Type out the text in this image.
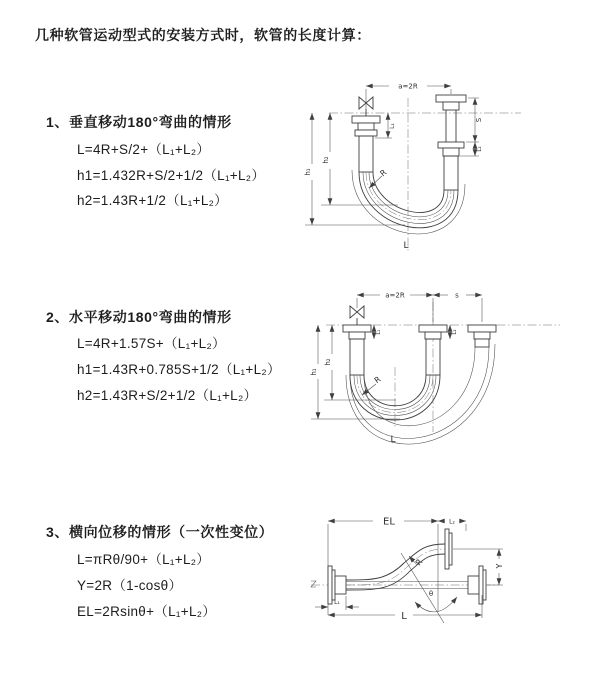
几种软管运动型式的安装方式时，软管的长度计算：
1、垂直移动180°弯曲的情形
L=4R+S/2+（L₁+L₂）
h1=1.432R+S/2+1/2（L₁+L₂）
h2=1.43R+1/2（L₁+L₂）
a=2R
R
h₁
h₂
L₁
S
L₂
L
2、水平移动180°弯曲的情形
L=4R+1.57S+（L₁+L₂）
h1=1.43R+0.785S+1/2（L₁+L₂）
h2=1.43R+S/2+1/2（L₁+L₂）
a=2R	s
R
h₁
h₂
L₁	L₂
L
3、横向位移的情形（一次性变位）
L=πRθ/90+（L₁+L₂）
Y=2R（1-cosθ）
EL=2Rsinθ+（L₁+L₂）
EL	L₂
θ
R	Y
L
L₁
